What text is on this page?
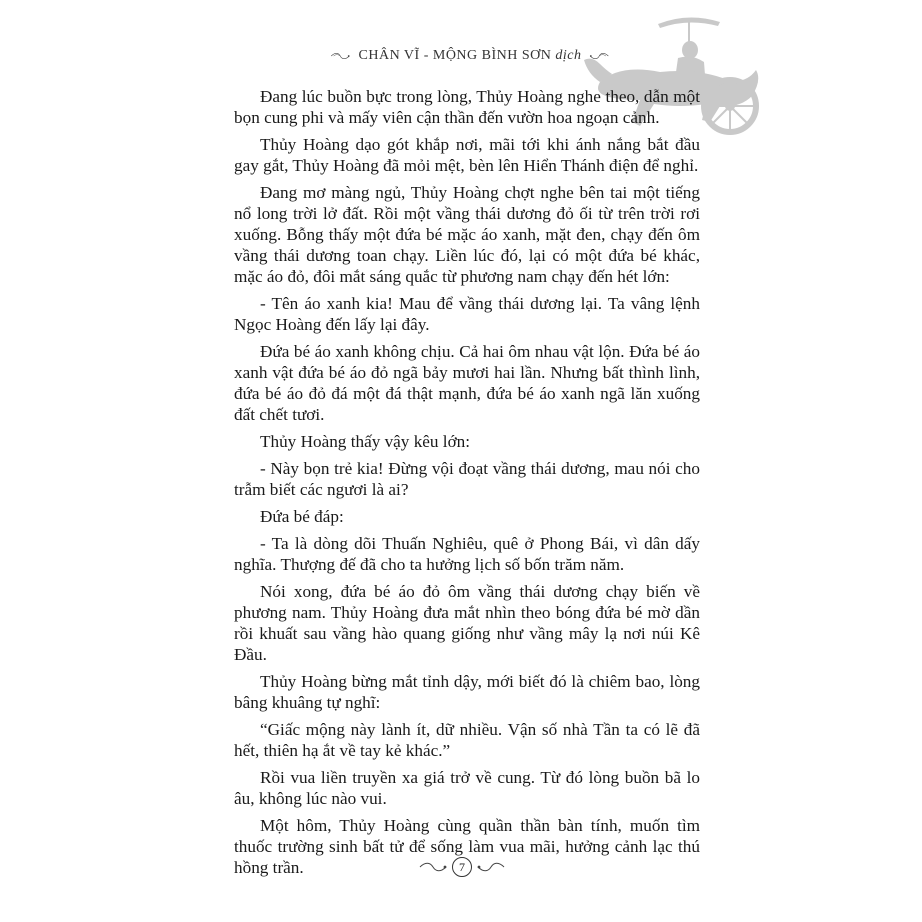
CHÂN VĨ - MỘNG BÌNH SƠN dịch

Đang lúc buồn bực trong lòng, Thủy Hoàng nghe theo, dẫn một bọn cung phi và mấy viên cận thần đến vườn hoa ngoạn cảnh.

Thủy Hoàng dạo gót khắp nơi, mãi tới khi ánh nắng bắt đầu gay gắt, Thủy Hoàng đã mỏi mệt, bèn lên Hiển Thánh điện để nghỉ.

Đang mơ màng ngủ, Thủy Hoàng chợt nghe bên tai một tiếng nổ long trời lở đất. Rồi một vầng thái dương đỏ ối từ trên trời rơi xuống. Bỗng thấy một đứa bé mặc áo xanh, mặt đen, chạy đến ôm vầng thái dương toan chạy. Liền lúc đó, lại có một đứa bé khác, mặc áo đỏ, đôi mắt sáng quắc từ phương nam chạy đến hét lớn:

- Tên áo xanh kia! Mau để vầng thái dương lại. Ta vâng lệnh Ngọc Hoàng đến lấy lại đây.

Đứa bé áo xanh không chịu. Cả hai ôm nhau vật lộn. Đứa bé áo xanh vật đứa bé áo đỏ ngã bảy mươi hai lần. Nhưng bất thình lình, đứa bé áo đỏ đá một đá thật mạnh, đứa bé áo xanh ngã lăn xuống đất chết tươi.

Thủy Hoàng thấy vậy kêu lớn:

- Này bọn trẻ kia! Đừng vội đoạt vầng thái dương, mau nói cho trẫm biết các ngươi là ai?

Đứa bé đáp:

- Ta là dòng dõi Thuấn Nghiêu, quê ở Phong Bái, vì dân dấy nghĩa. Thượng đế đã cho ta hưởng lịch số bốn trăm năm.

Nói xong, đứa bé áo đỏ ôm vầng thái dương chạy biến về phương nam. Thủy Hoàng đưa mắt nhìn theo bóng đứa bé mờ dần rồi khuất sau vầng hào quang giống như vầng mây lạ nơi núi Kê Đầu.

Thủy Hoàng bừng mắt tỉnh dậy, mới biết đó là chiêm bao, lòng bâng khuâng tự nghĩ:

“Giấc mộng này lành ít, dữ nhiều. Vận số nhà Tần ta có lẽ đã hết, thiên hạ ắt về tay kẻ khác.”

Rồi vua liền truyền xa giá trở về cung. Từ đó lòng buồn bã lo âu, không lúc nào vui.

Một hôm, Thủy Hoàng cùng quần thần bàn tính, muốn tìm thuốc trường sinh bất tử để sống làm vua mãi, hưởng cảnh lạc thú hồng trần.	7
